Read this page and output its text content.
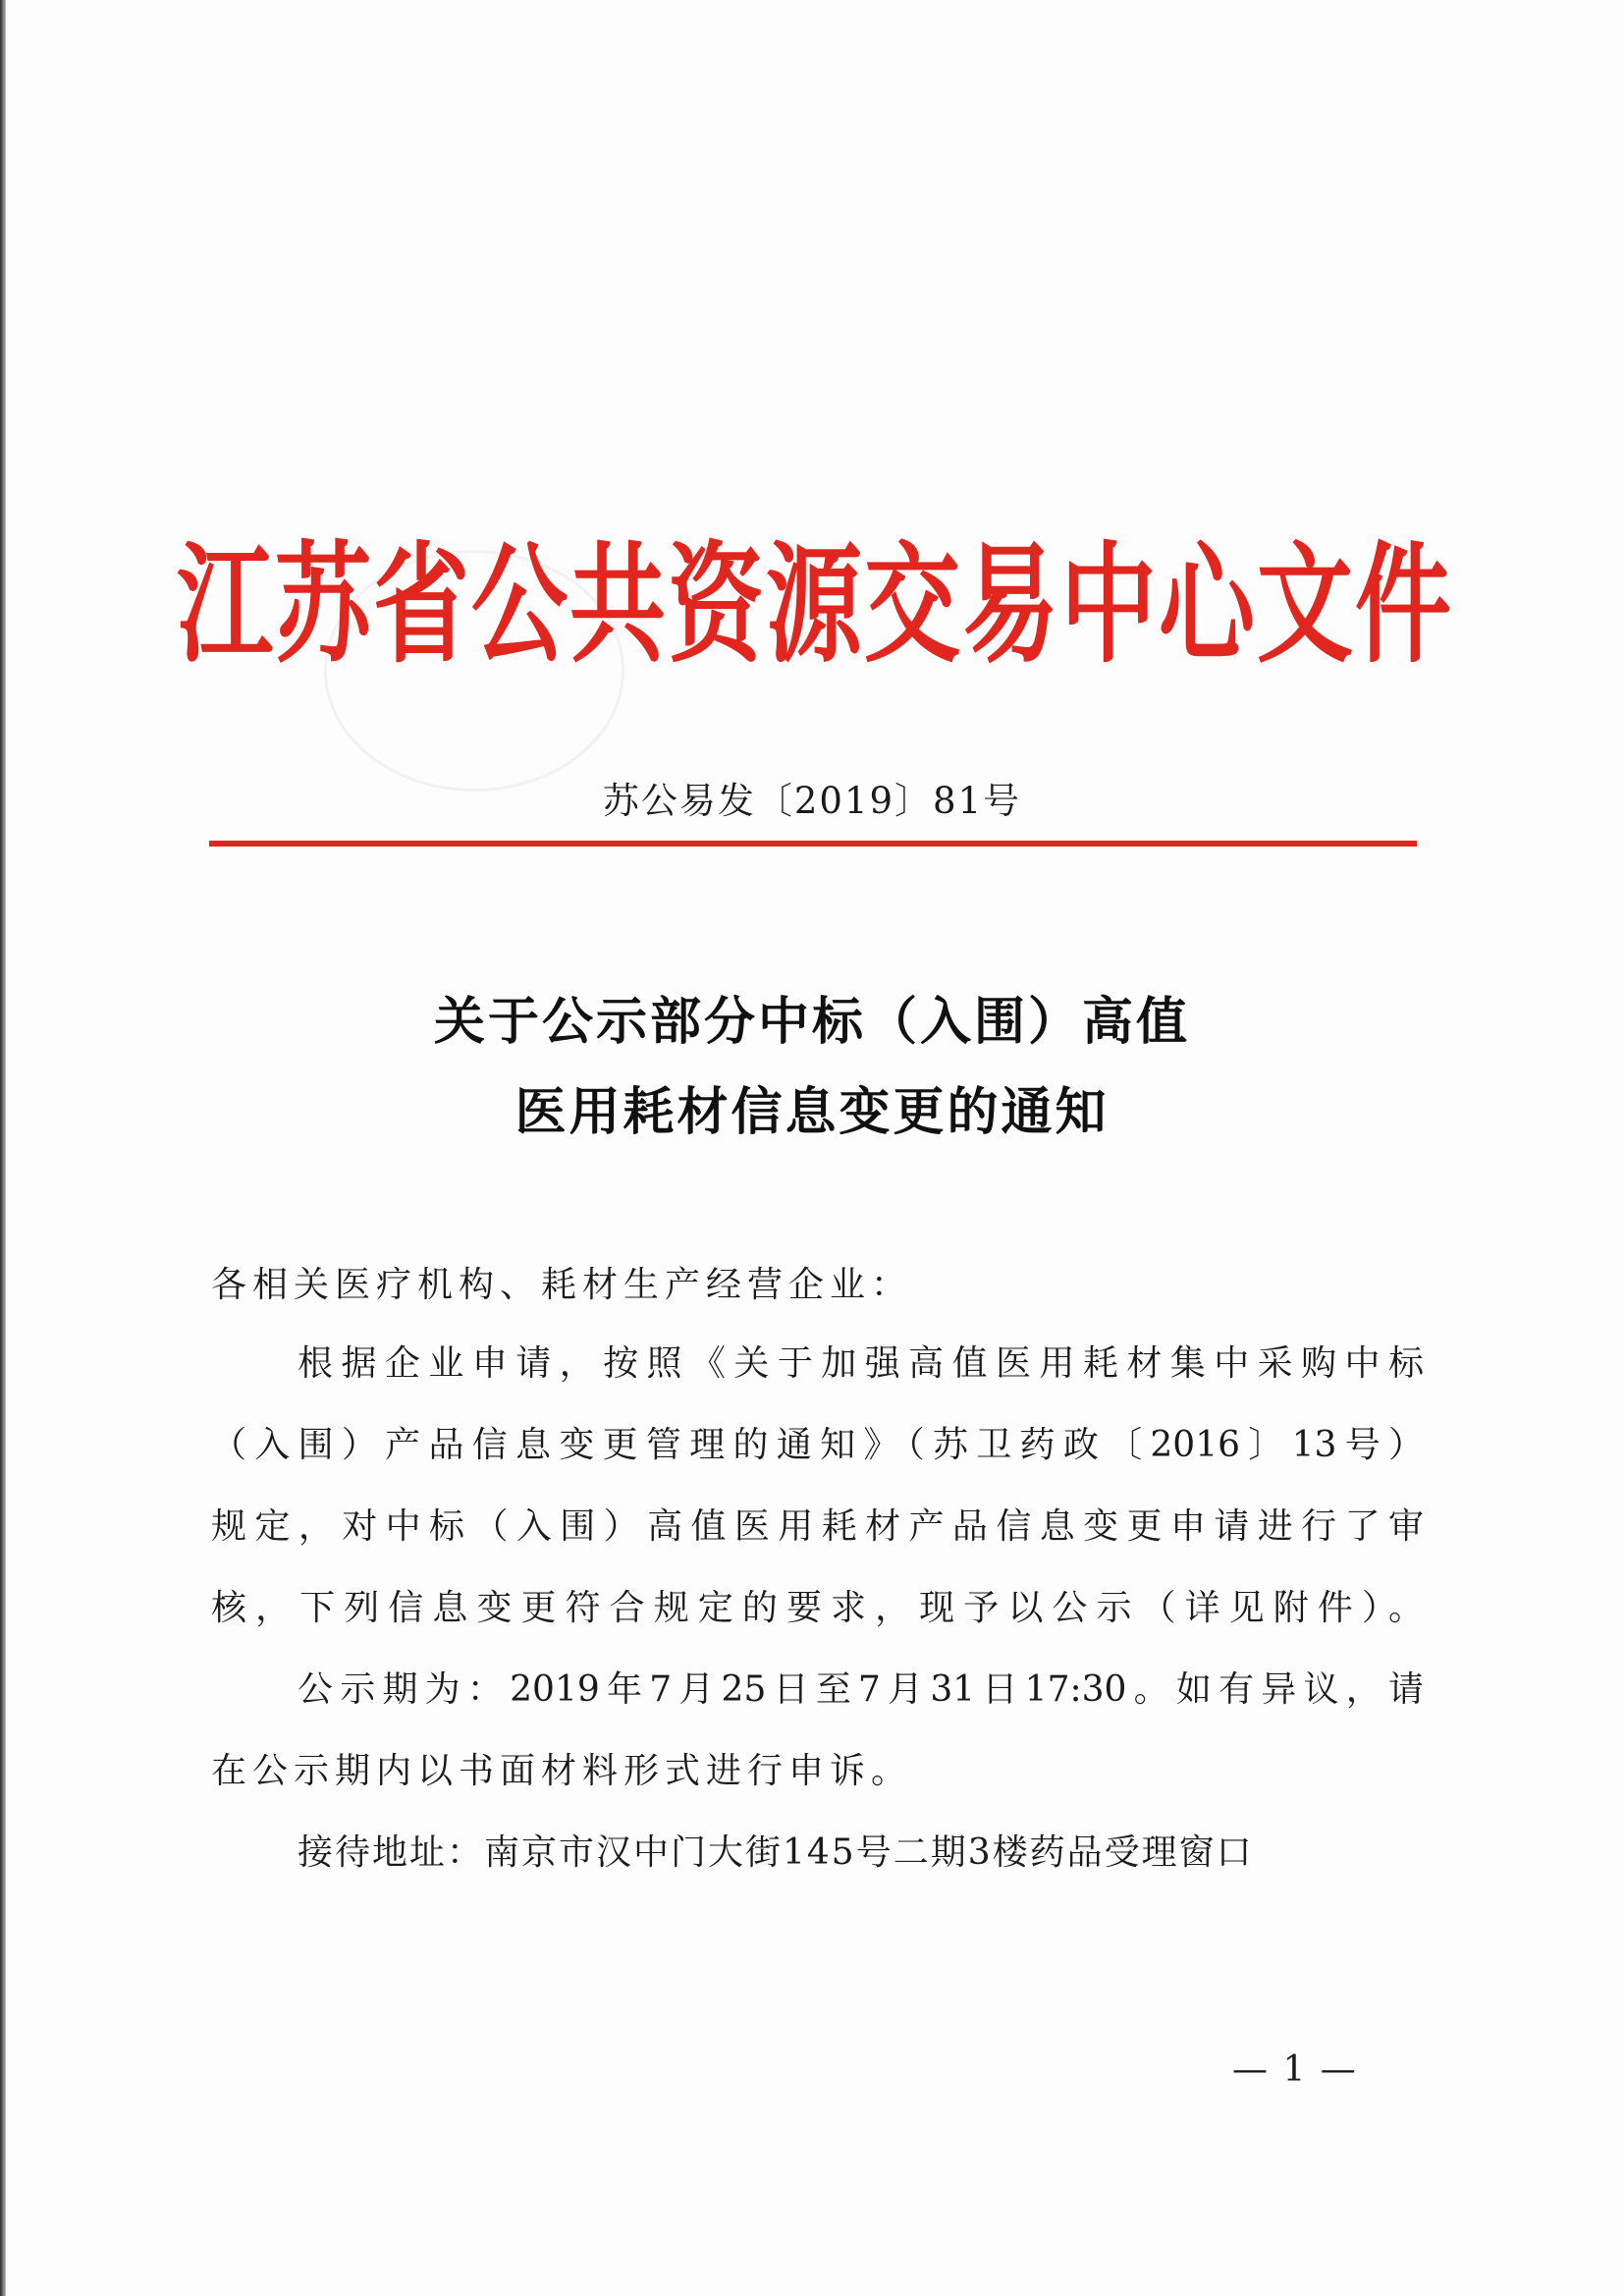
江苏省公共资源交易中心文件
苏公易发〔2019〕81号
关于公示部分中标（入围）高值
医用耗材信息变更的通知
各相关医疗机构、耗材生产经营企业：
根据企业申请，按照《关于加强高值医用耗材集中采购中标
（入围）产品信息变更管理的通知》（苏卫药政〔2016〕13号）
规定，对中标（入围）高值医用耗材产品信息变更申请进行了审
核，下列信息变更符合规定的要求，现予以公示（详见附件）。
公示期为：2019年7月25日至7月31日17:30。如有异议，请
在公示期内以书面材料形式进行申诉。
接待地址：南京市汉中门大街145号二期3楼药品受理窗口
— 1 —
